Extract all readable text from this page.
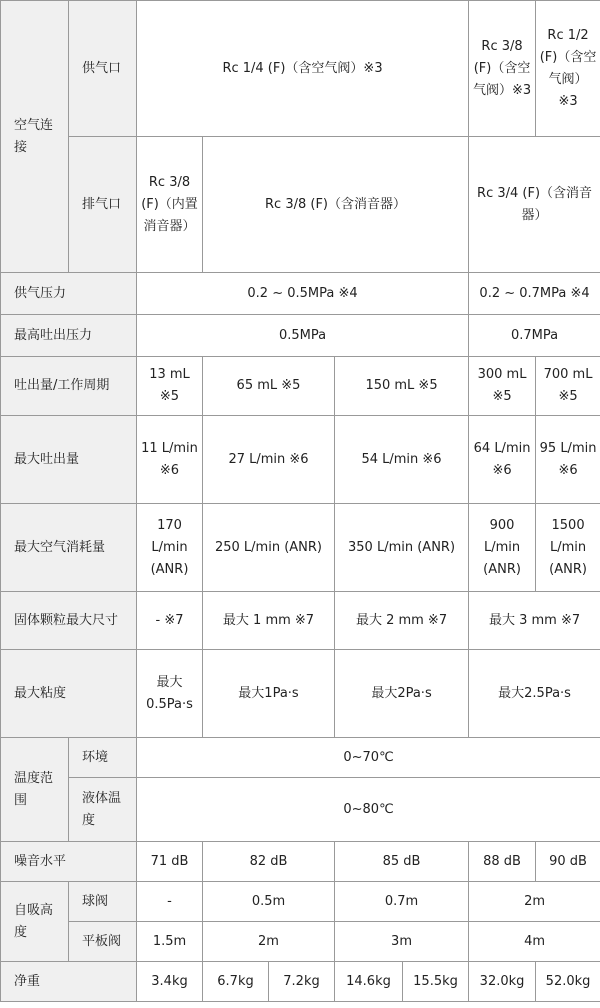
空气连接	供气口	Rc 1/4 (F)（含空气阀）※3					Rc 3/8 (F)（含空气阀）※3	Rc 1/2 (F)（含空气阀）※3

	排气口	Rc 3/8 (F)（内置消音器）	Rc 3/8 (F)（含消音器）				Rc 3/4 (F)（含消音器）	

供气压力		0.2 ~ 0.5MPa ※4					0.2 ~ 0.7MPa ※4	

最高吐出压力		0.5MPa					0.7MPa	

吐出量/工作周期		13 mL ※5	65 mL ※5		150 mL ※5		300 mL ※5	700 mL ※5

最大吐出量		11 L/min ※6	27 L/min ※6		54 L/min ※6		64 L/min ※6	95 L/min ※6

最大空气消耗量		170 L/min (ANR)	250 L/min (ANR)		350 L/min (ANR)		900 L/min (ANR)	1500 L/min (ANR)

固体颗粒最大尺寸		- ※7	最大 1 mm ※7		最大 2 mm ※7		最大 3 mm ※7	

最大粘度		最大0.5Pa·s	最大1Pa·s		最大2Pa·s		最大2.5Pa·s	

温度范围	环境	0~70℃						

	液体温度	0~80℃						

噪音水平		71 dB	82 dB		85 dB		88 dB	90 dB

自吸高度	球阀	-	0.5m		0.7m		2m	

	平板阀	1.5m	2m		3m		4m	

净重		3.4kg	6.7kg	7.2kg	14.6kg	15.5kg	32.0kg	52.0kg
